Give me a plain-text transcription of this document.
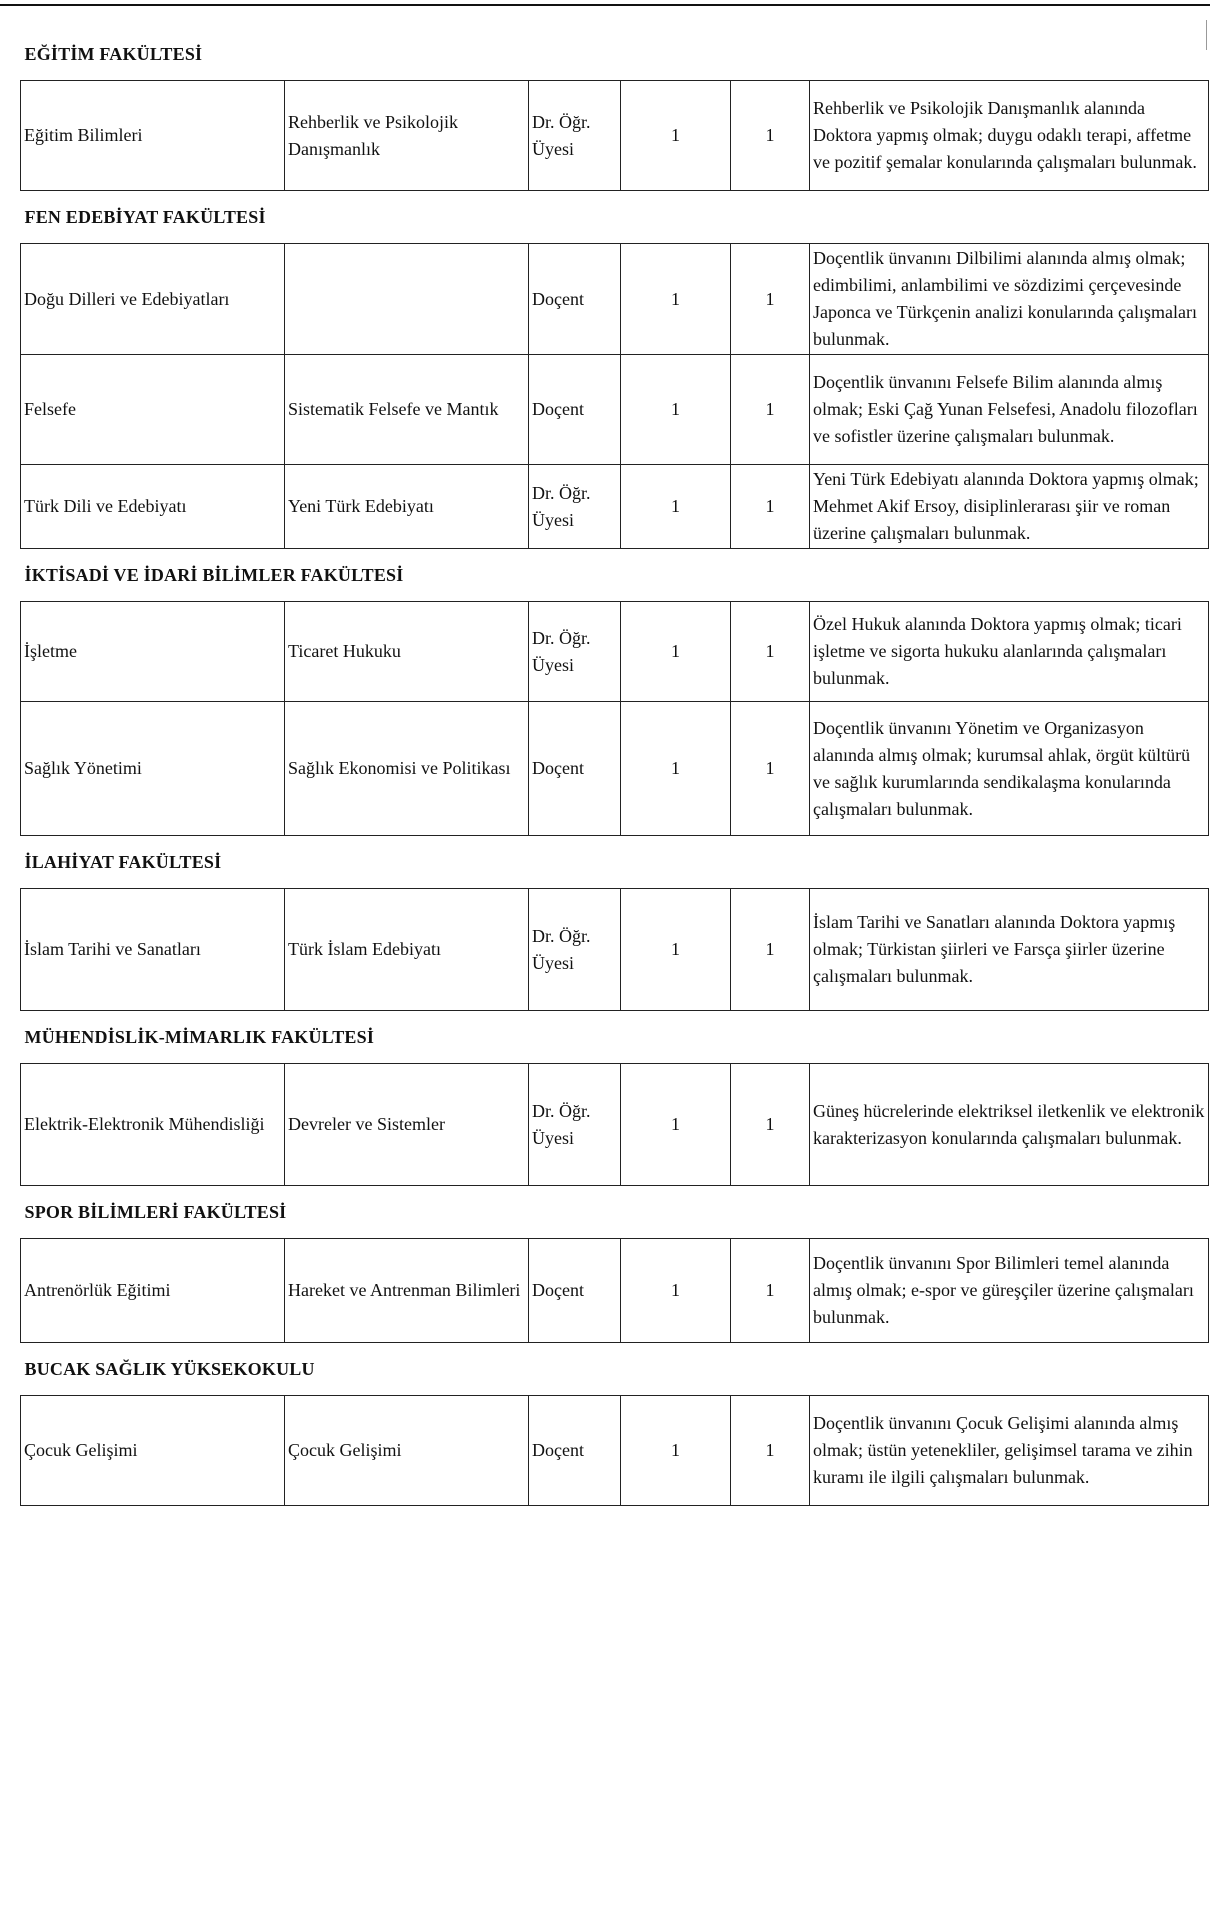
EĞİTİM FAKÜLTESİ					
Eğitim Bilimleri	Rehberlik ve Psikolojik Danışmanlık	Dr. Öğr. Üyesi	1	1	Rehberlik ve Psikolojik Danışmanlık alanında Doktora yapmış olmak; duygu odaklı terapi, affetme ve pozitif şemalar konularında çalışmaları bulunmak.
FEN EDEBİYAT FAKÜLTESİ					
Doğu Dilleri ve Edebiyatları		Doçent	1	1	Doçentlik ünvanını Dilbilimi alanında almış olmak; edimbilimi, anlambilimi ve sözdizimi çerçevesinde Japonca ve Türkçenin analizi konularında çalışmaları bulunmak.
Felsefe	Sistematik Felsefe ve Mantık	Doçent	1	1	Doçentlik ünvanını Felsefe Bilim alanında almış olmak; Eski Çağ Yunan Felsefesi, Anadolu filozofları ve sofistler üzerine çalışmaları bulunmak.
Türk Dili ve Edebiyatı	Yeni Türk Edebiyatı	Dr. Öğr. Üyesi	1	1	Yeni Türk Edebiyatı alanında Doktora yapmış olmak; Mehmet Akif Ersoy, disiplinlerarası şiir ve roman üzerine çalışmaları bulunmak.
İKTİSADİ VE İDARİ BİLİMLER FAKÜLTESİ					
İşletme	Ticaret Hukuku	Dr. Öğr. Üyesi	1	1	Özel Hukuk alanında Doktora yapmış olmak; ticari işletme ve sigorta hukuku alanlarında çalışmaları bulunmak.
Sağlık Yönetimi	Sağlık Ekonomisi ve Politikası	Doçent	1	1	Doçentlik ünvanını Yönetim ve Organizasyon alanında almış olmak; kurumsal ahlak, örgüt kültürü ve sağlık kurumlarında sendikalaşma konularında çalışmaları bulunmak.
İLAHİYAT FAKÜLTESİ					
İslam Tarihi ve Sanatları	Türk İslam Edebiyatı	Dr. Öğr. Üyesi	1	1	İslam Tarihi ve Sanatları alanında Doktora yapmış olmak; Türkistan şiirleri ve Farsça şiirler üzerine çalışmaları bulunmak.
MÜHENDİSLİK-MİMARLIK FAKÜLTESİ					
Elektrik-Elektronik Mühendisliği	Devreler ve Sistemler	Dr. Öğr. Üyesi	1	1	Güneş hücrelerinde elektriksel iletkenlik ve elektronik karakterizasyon konularında çalışmaları bulunmak.
SPOR BİLİMLERİ FAKÜLTESİ					
Antrenörlük Eğitimi	Hareket ve Antrenman Bilimleri	Doçent	1	1	Doçentlik ünvanını Spor Bilimleri temel alanında almış olmak; e-spor ve güreşçiler üzerine çalışmaları bulunmak.
BUCAK SAĞLIK YÜKSEKOKULU					
Çocuk Gelişimi	Çocuk Gelişimi	Doçent	1	1	Doçentlik ünvanını Çocuk Gelişimi alanında almış olmak; üstün yetenekliler, gelişimsel tarama ve zihin kuramı ile ilgili çalışmaları bulunmak.
